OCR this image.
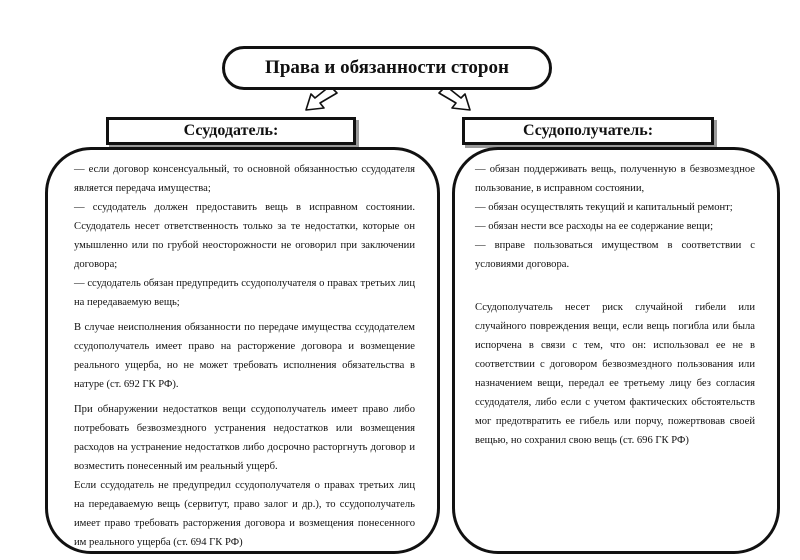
Права и обязанности сторон
Ссудодатель:	Ссудополучатель:

— если договор консенсуальный, то основной обязанностью ссудодателя является передача имущества;

— ссудодатель должен предоставить вещь в исправном состоянии. Ссудодатель несет ответственность только за те недостатки, которые он умышленно или по грубой неосторожности не оговорил при заключении договора;

— ссудодатель обязан предупредить ссудополучателя о правах третьих лиц на передаваемую вещь;

В случае неисполнения обязанности по передаче имущества ссудодателем ссудополучатель имеет право на расторжение договора и возмещение реального ущерба, но не может требовать исполнения обязательства в натуре (ст. 692 ГК РФ).

При обнаружении недостатков вещи ссудополучатель имеет право либо потребовать безвозмездного устранения недостатков или возмещения расходов на устранение недостатков либо досрочно расторгнуть договор и возместить понесенный им реальный ущерб.

Если ссудодатель не предупредил ссудополучателя о правах третьих лиц на передаваемую вещь (сервитут, право залог и др.), то ссудополучатель имеет право требовать расторжения договора и возмещения понесенного им реального ущерба (ст. 694 ГК РФ)

— обязан поддерживать вещь, полученную в безвозмездное пользование, в исправном состоянии,

— обязан осуществлять текущий и капитальный ремонт;

— обязан нести все расходы на ее содержание вещи;

— вправе пользоваться имуществом в соответствии с условиями договора.

Ссудополучатель несет риск случайной гибели или случайного повреждения вещи, если вещь погибла или была испорчена в связи с тем, что он: использовал ее не в соответствии с договором безвозмездного пользования или назначением вещи, передал ее третьему лицу без согласия ссудодателя, либо если с учетом фактических обстоятельств мог предотвратить ее гибель или порчу, пожертвовав своей вещью, но сохранил свою вещь (ст. 696 ГК РФ)
